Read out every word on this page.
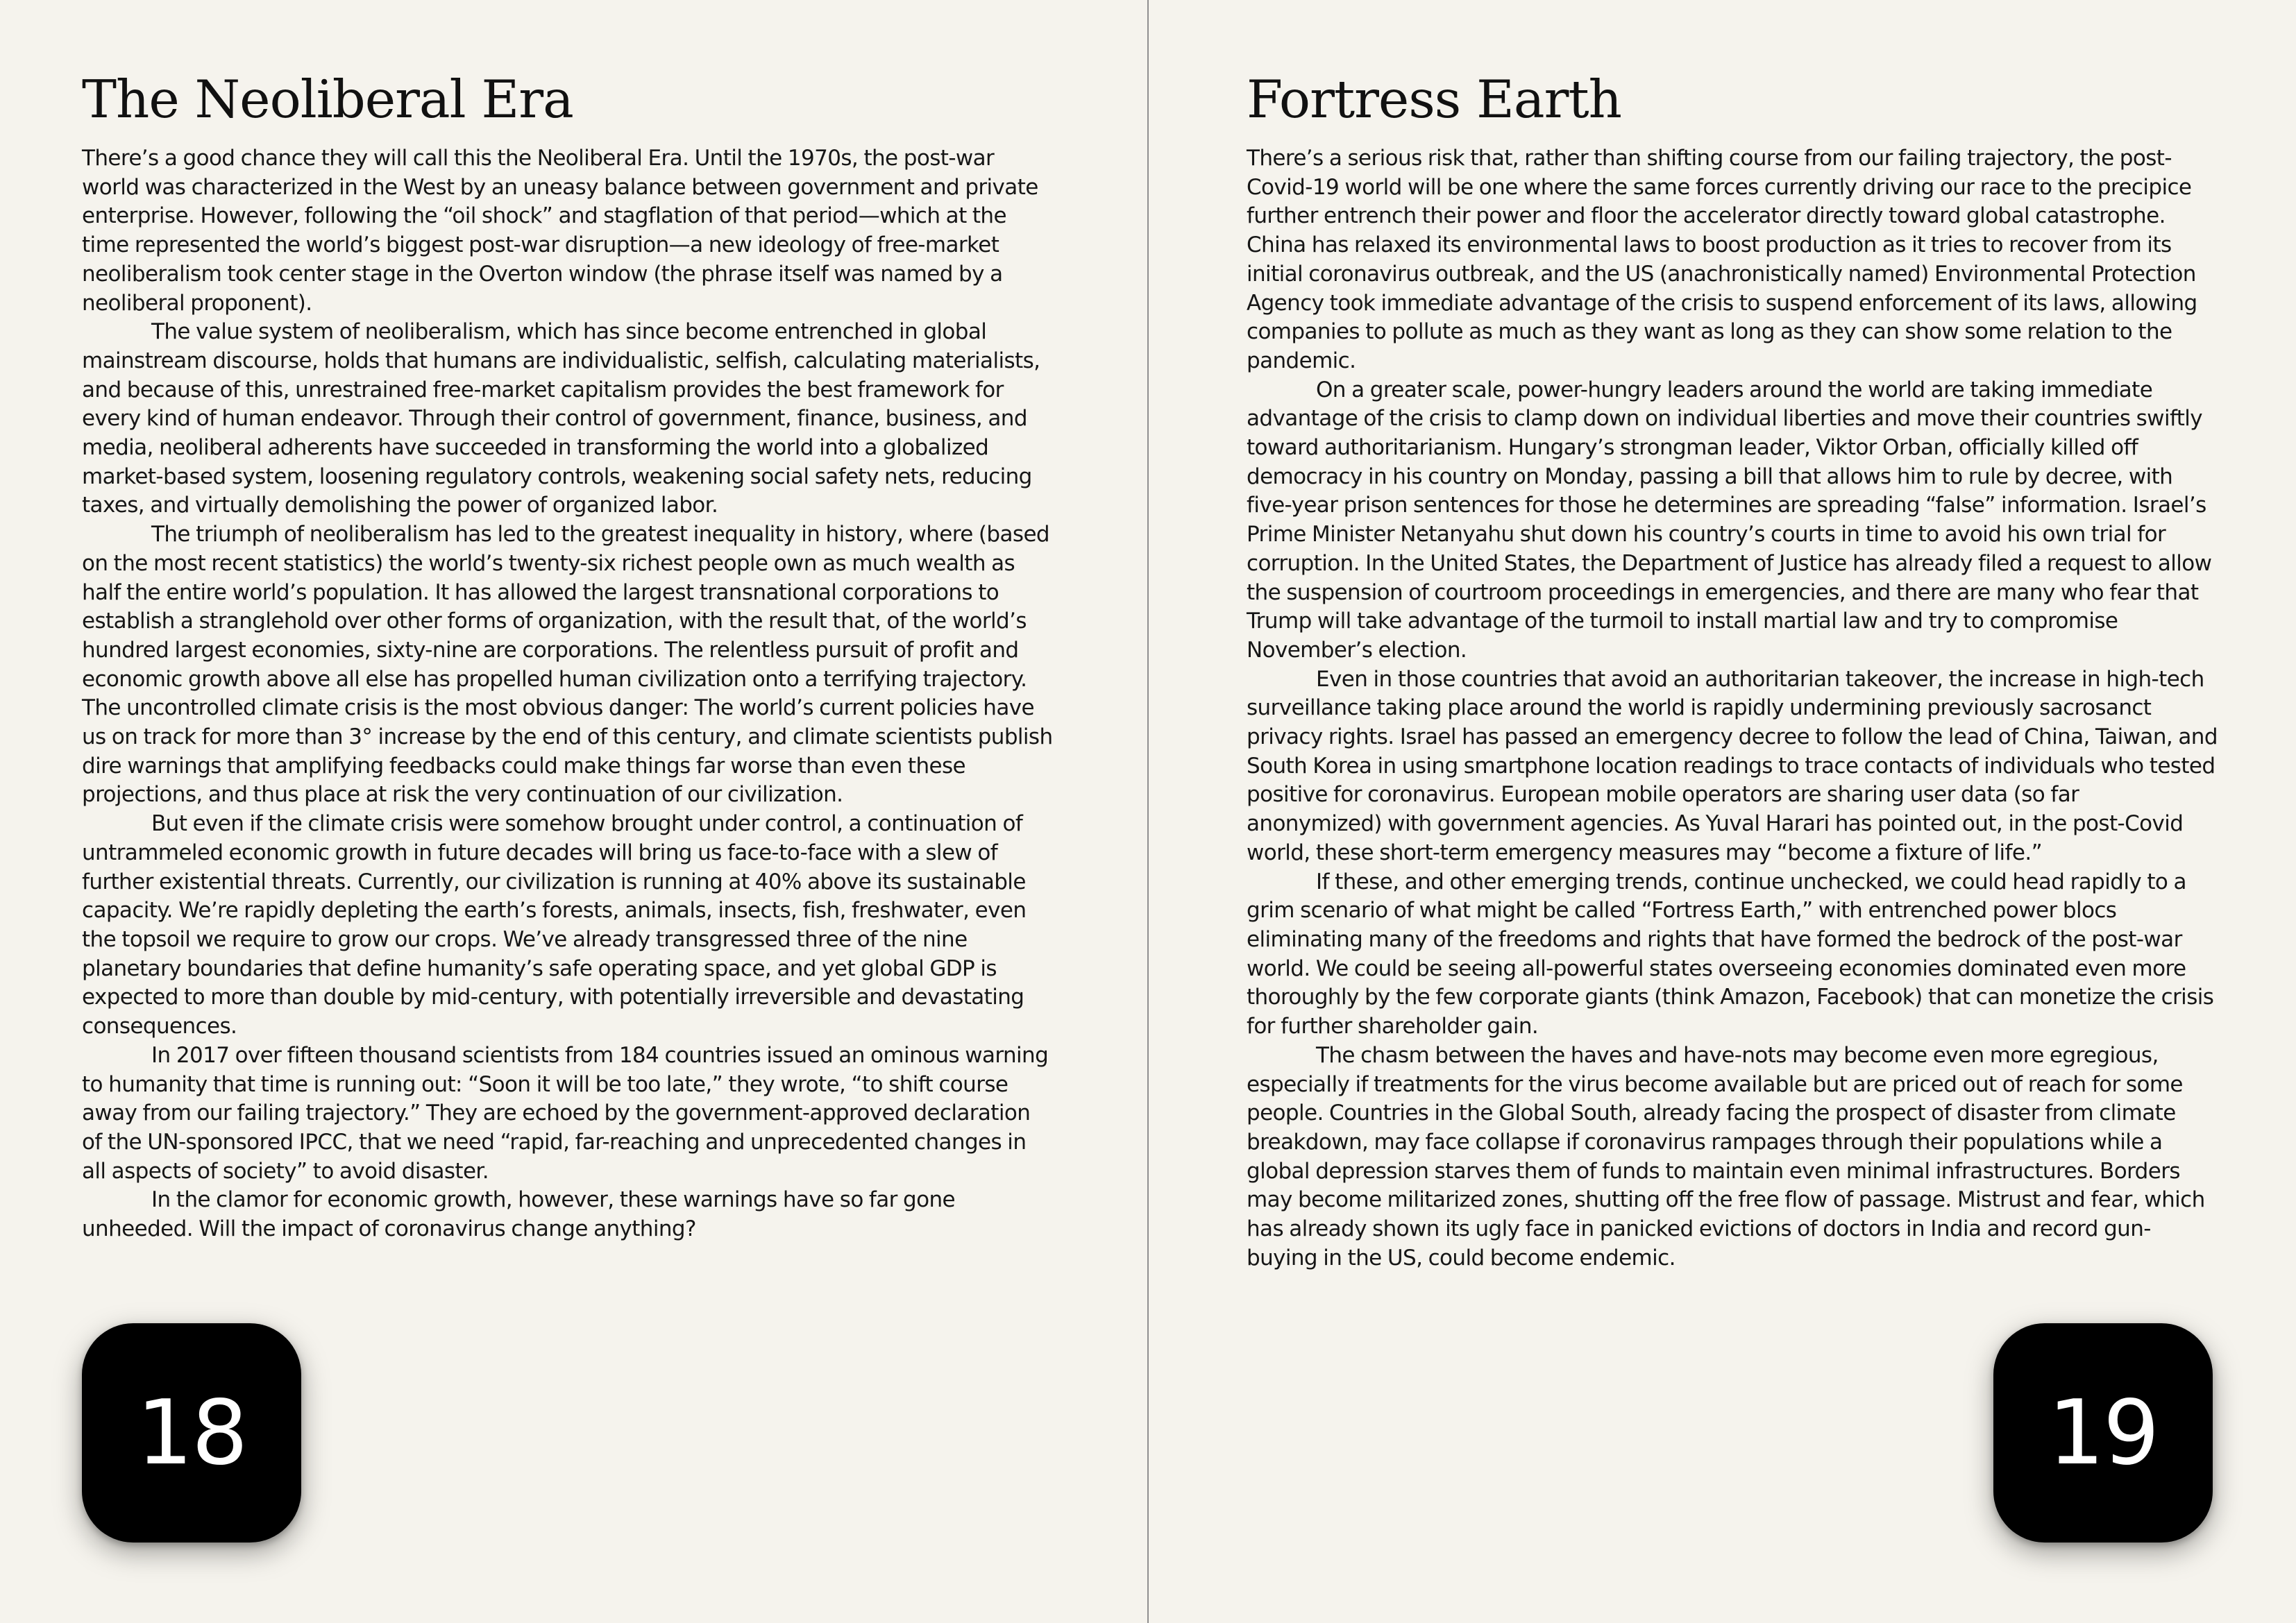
The Neoliberal Era

There’s a good chance they will call this the Neoliberal Era. Until the 1970s, the post-war world was characterized in the West by an uneasy balance between government and private enterprise. However, following the “oil shock” and stagflation of that period—which at the time represented the world’s biggest post-war disruption—a new ideology of free-market neoliberalism took center stage in the Overton window (the phrase itself was named by a neoliberal proponent).

The value system of neoliberalism, which has since become entrenched in global mainstream discourse, holds that humans are individualistic, selfish, calculating materialists, and because of this, unrestrained free-market capitalism provides the best framework for every kind of human endeavor. Through their control of government, finance, business, and media, neoliberal adherents have succeeded in transforming the world into a globalized market-based system, loosening regulatory controls, weakening social safety nets, reducing taxes, and virtually demolishing the power of organized labor.

The triumph of neoliberalism has led to the greatest inequality in history, where (based on the most recent statistics) the world’s twenty-six richest people own as much wealth as half the entire world’s population. It has allowed the largest transnational corporations to establish a stranglehold over other forms of organization, with the result that, of the world’s hundred largest economies, sixty-nine are corporations. The relentless pursuit of profit and economic growth above all else has propelled human civilization onto a terrifying trajectory. The uncontrolled climate crisis is the most obvious danger: The world’s current policies have us on track for more than 3° increase by the end of this century, and climate scientists publish dire warnings that amplifying feedbacks could make things far worse than even these projections, and thus place at risk the very continuation of our civilization.

But even if the climate crisis were somehow brought under control, a continuation of untrammeled economic growth in future decades will bring us face-to-face with a slew of further existential threats. Currently, our civilization is running at 40% above its sustainable capacity. We’re rapidly depleting the earth’s forests, animals, insects, fish, freshwater, even the topsoil we require to grow our crops. We’ve already transgressed three of the nine planetary boundaries that define humanity’s safe operating space, and yet global GDP is expected to more than double by mid-century, with potentially irreversible and devastating consequences.

In 2017 over fifteen thousand scientists from 184 countries issued an ominous warning to humanity that time is running out: “Soon it will be too late,” they wrote, “to shift course away from our failing trajectory.” They are echoed by the government-approved declaration of the UN-sponsored IPCC, that we need “rapid, far-reaching and unprecedented changes in all aspects of society” to avoid disaster.

In the clamor for economic growth, however, these warnings have so far gone unheeded. Will the impact of coronavirus change anything?

18
Fortress Earth

There’s a serious risk that, rather than shifting course from our failing trajectory, the post-Covid-19 world will be one where the same forces currently driving our race to the precipice further entrench their power and floor the accelerator directly toward global catastrophe. China has relaxed its environmental laws to boost production as it tries to recover from its initial coronavirus outbreak, and the US (anachronistically named) Environmental Protection Agency took immediate advantage of the crisis to suspend enforcement of its laws, allowing companies to pollute as much as they want as long as they can show some relation to the pandemic.

On a greater scale, power-hungry leaders around the world are taking immediate advantage of the crisis to clamp down on individual liberties and move their countries swiftly toward authoritarianism. Hungary’s strongman leader, Viktor Orban, officially killed off democracy in his country on Monday, passing a bill that allows him to rule by decree, with five-year prison sentences for those he determines are spreading “false” information. Israel’s Prime Minister Netanyahu shut down his country’s courts in time to avoid his own trial for corruption. In the United States, the Department of Justice has already filed a request to allow the suspension of courtroom proceedings in emergencies, and there are many who fear that Trump will take advantage of the turmoil to install martial law and try to compromise November’s election.

Even in those countries that avoid an authoritarian takeover, the increase in high-tech surveillance taking place around the world is rapidly undermining previously sacrosanct privacy rights. Israel has passed an emergency decree to follow the lead of China, Taiwan, and South Korea in using smartphone location readings to trace contacts of individuals who tested positive for coronavirus. European mobile operators are sharing user data (so far anonymized) with government agencies. As Yuval Harari has pointed out, in the post-Covid world, these short-term emergency measures may “become a fixture of life.”

If these, and other emerging trends, continue unchecked, we could head rapidly to a grim scenario of what might be called “Fortress Earth,” with entrenched power blocs eliminating many of the freedoms and rights that have formed the bedrock of the post-war world. We could be seeing all-powerful states overseeing economies dominated even more thoroughly by the few corporate giants (think Amazon, Facebook) that can monetize the crisis for further shareholder gain.

The chasm between the haves and have-nots may become even more egregious, especially if treatments for the virus become available but are priced out of reach for some people. Countries in the Global South, already facing the prospect of disaster from climate breakdown, may face collapse if coronavirus rampages through their populations while a global depression starves them of funds to maintain even minimal infrastructures. Borders may become militarized zones, shutting off the free flow of passage. Mistrust and fear, which has already shown its ugly face in panicked evictions of doctors in India and record gun-buying in the US, could become endemic.

19
